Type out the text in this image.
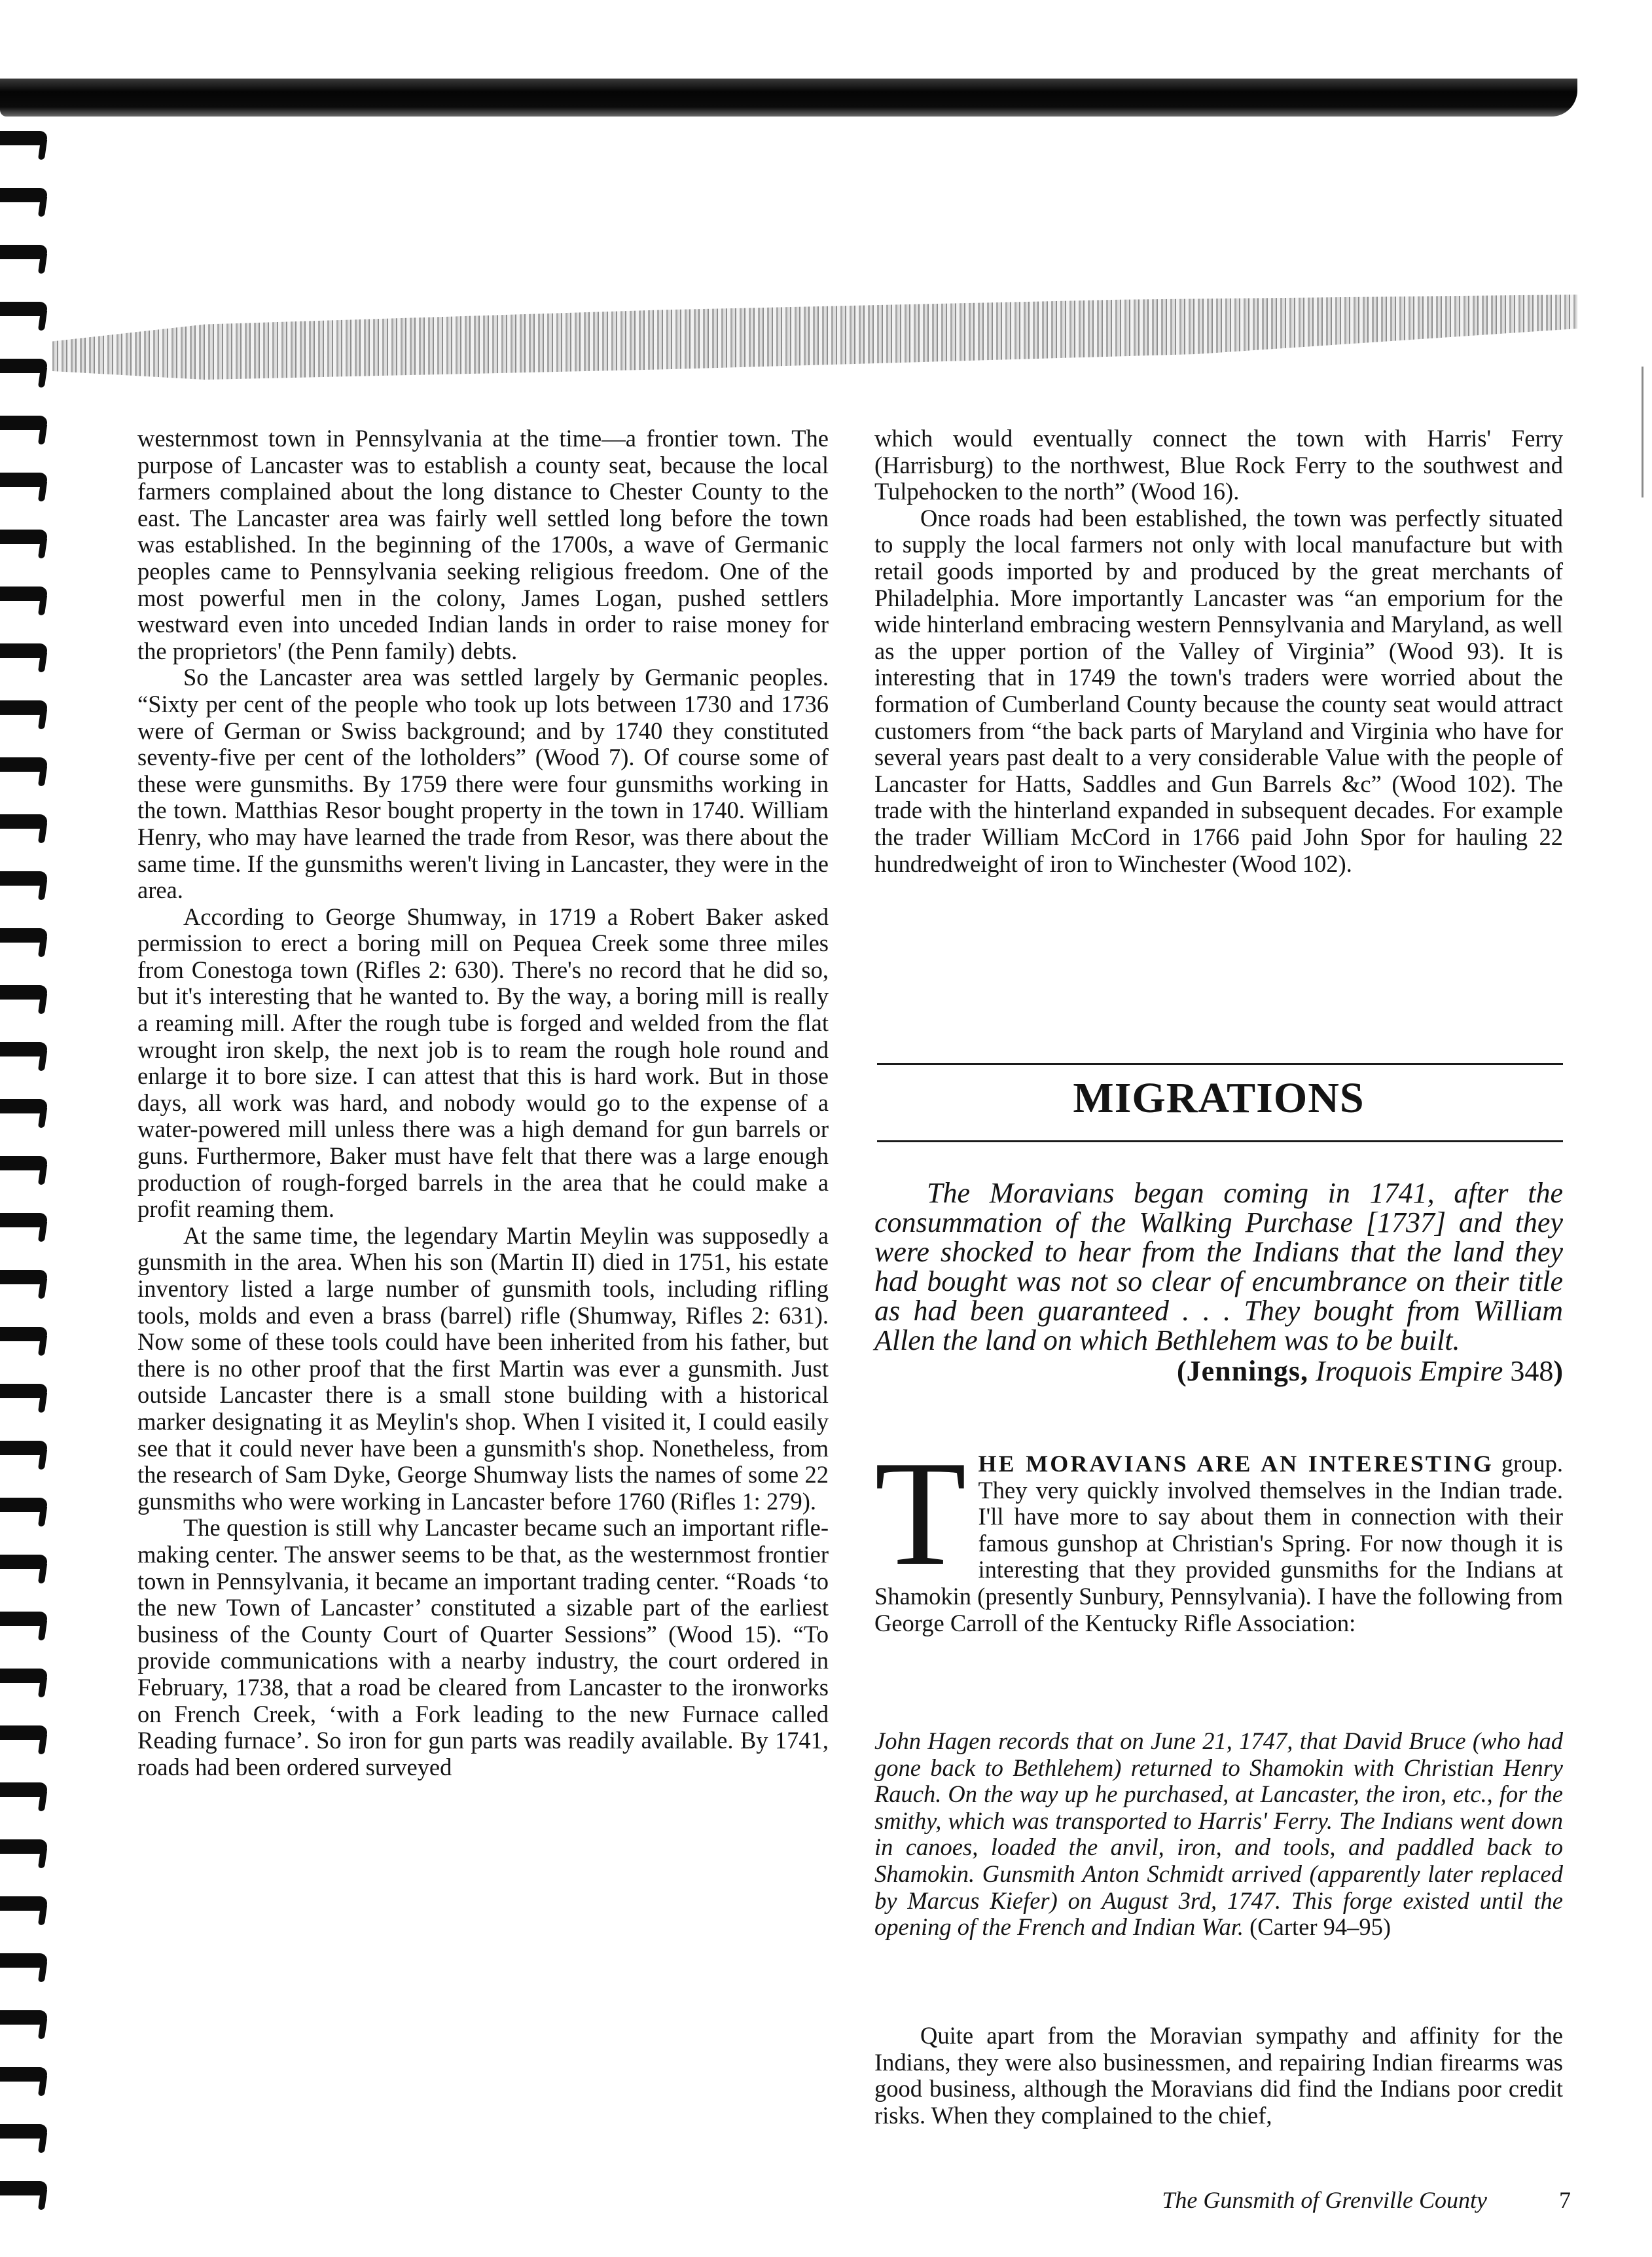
westernmost town in Pennsylvania at the time—a frontier town. The purpose of Lancaster was to establish a county seat, because the local farmers complained about the long distance to Chester County to the east. The Lancaster area was fairly well settled long before the town was established. In the beginning of the 1700s, a wave of Germanic peoples came to Pennsylvania seeking religious freedom. One of the most powerful men in the colony, James Logan, pushed settlers westward even into unceded Indian lands in order to raise money for the proprietors' (the Penn family) debts.

So the Lancaster area was settled largely by Germanic peoples. “Sixty per cent of the people who took up lots between 1730 and 1736 were of German or Swiss background; and by 1740 they constituted seventy-five per cent of the lotholders” (Wood 7). Of course some of these were gunsmiths. By 1759 there were four gunsmiths working in the town. Matthias Resor bought property in the town in 1740. William Henry, who may have learned the trade from Resor, was there about the same time. If the gunsmiths weren't living in Lancaster, they were in the area.

According to George Shumway, in 1719 a Robert Baker asked permission to erect a boring mill on Pequea Creek some three miles from Conestoga town (Rifles 2: 630). There's no record that he did so, but it's interesting that he wanted to. By the way, a boring mill is really a reaming mill. After the rough tube is forged and welded from the flat wrought iron skelp, the next job is to ream the rough hole round and enlarge it to bore size. I can attest that this is hard work. But in those days, all work was hard, and nobody would go to the expense of a water-powered mill unless there was a high demand for gun barrels or guns. Furthermore, Baker must have felt that there was a large enough production of rough-forged barrels in the area that he could make a profit reaming them.

At the same time, the legendary Martin Meylin was supposedly a gunsmith in the area. When his son (Martin II) died in 1751, his estate inventory listed a large number of gunsmith tools, including rifling tools, molds and even a brass (barrel) rifle (Shumway, Rifles 2: 631). Now some of these tools could have been inherited from his father, but there is no other proof that the first Martin was ever a gunsmith. Just outside Lancaster there is a small stone building with a historical marker designating it as Meylin's shop. When I visited it, I could easily see that it could never have been a gunsmith's shop. Nonetheless, from the research of Sam Dyke, George Shumway lists the names of some 22 gunsmiths who were working in Lancaster before 1760 (Rifles 1: 279).

The question is still why Lancaster became such an important rifle-making center. The answer seems to be that, as the westernmost frontier town in Pennsylvania, it became an important trading center. “Roads ‘to the new Town of Lancaster’ constituted a sizable part of the earliest business of the County Court of Quarter Sessions” (Wood 15). “To provide communications with a nearby industry, the court ordered in February, 1738, that a road be cleared from Lancaster to the ironworks on French Creek, ‘with a Fork leading to the new Furnace called Reading furnace’. So iron for gun parts was readily available. By 1741, roads had been ordered surveyed

which would eventually connect the town with Harris' Ferry (Harrisburg) to the northwest, Blue Rock Ferry to the southwest and Tulpehocken to the north” (Wood 16).

Once roads had been established, the town was perfectly situated to supply the local farmers not only with local manufacture but with retail goods imported by and produced by the great merchants of Philadelphia. More importantly Lancaster was “an emporium for the wide hinterland embracing western Pennsylvania and Maryland, as well as the upper portion of the Valley of Virginia” (Wood 93). It is interesting that in 1749 the town's traders were worried about the formation of Cumberland County because the county seat would attract customers from “the back parts of Maryland and Virginia who have for several years past dealt to a very considerable Value with the people of Lancaster for Hatts, Saddles and Gun Barrels &c” (Wood 102). The trade with the hinterland expanded in subsequent decades. For example the trader William McCord in 1766 paid John Spor for hauling 22 hundredweight of iron to Winchester (Wood 102).

MIGRATIONS

The Moravians began coming in 1741, after the consummation of the Walking Purchase [1737] and they were shocked to hear from the Indians that the land they had bought was not so clear of encumbrance on their title as had been guaranteed . . . They bought from William Allen the land on which Bethlehem was to be built.

(Jennings, Iroquois Empire 348)
THE MORAVIANS ARE AN INTERESTING group. They very quickly involved themselves in the Indian trade. I'll have more to say about them in connection with their famous gunshop at Christian's Spring. For now though it is interesting that they provided gunsmiths for the Indians at Shamokin (presently Sunbury, Pennsylvania). I have the following from George Carroll of the Kentucky Rifle Association:
John Hagen records that on June 21, 1747, that David Bruce (who had gone back to Bethlehem) returned to Shamokin with Christian Henry Rauch. On the way up he purchased, at Lancaster, the iron, etc., for the smithy, which was transported to Harris' Ferry. The Indians went down in canoes, loaded the anvil, iron, and tools, and paddled back to Shamokin. Gunsmith Anton Schmidt arrived (apparently later replaced by Marcus Kiefer) on August 3rd, 1747. This forge existed until the opening of the French and Indian War. (Carter 94–95)

Quite apart from the Moravian sympathy and affinity for the Indians, they were also businessmen, and repairing Indian firearms was good business, although the Moravians did find the Indians poor credit risks. When they complained to the chief,

The Gunsmith of Grenville County	7
